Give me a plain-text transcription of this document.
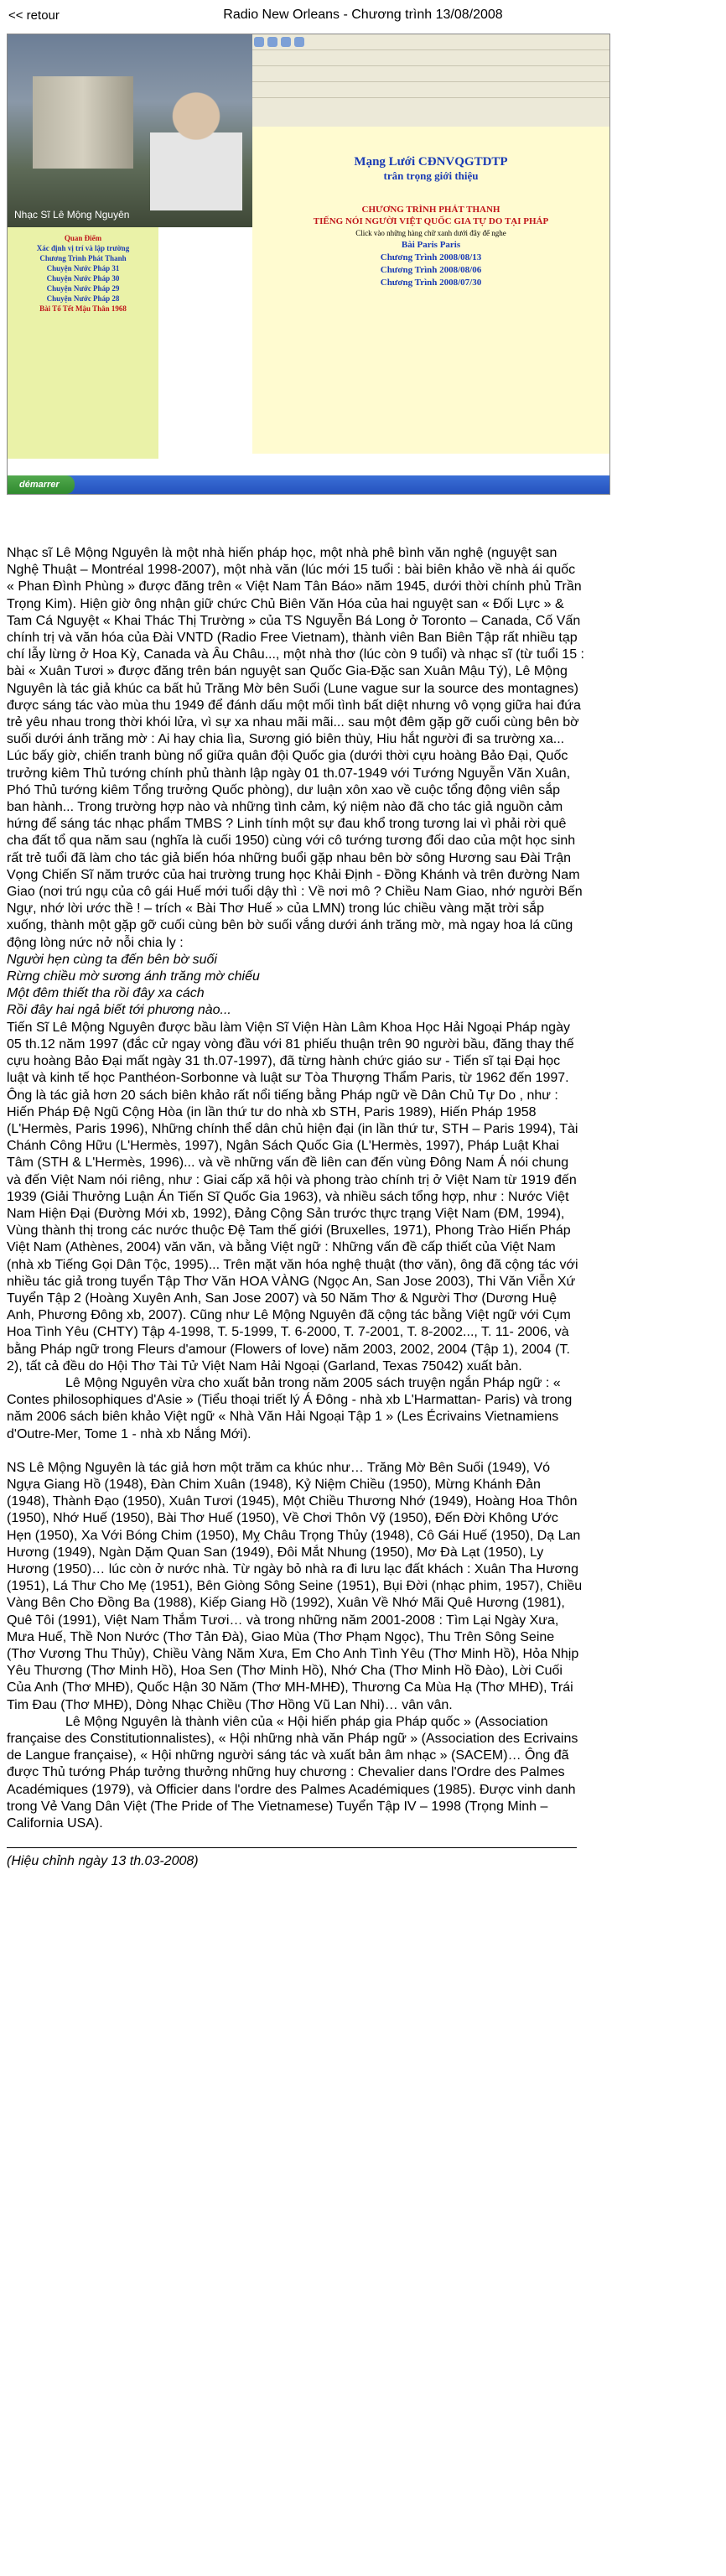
<< retour	Radio New Orleans - Chương trình 13/08/2008
Nhạc Sĩ Lê Mộng Nguyên
Quan Điểm
Xác định vị trí và lập trường
Chương Trình Phát Thanh
Chuyện Nước Pháp 31
Chuyện Nước Pháp 30
Chuyện Nước Pháp 29
Chuyện Nước Pháp 28
Bài Tổ Tết Mậu Thân 1968
Mạng Lưới CĐNVQGTDTP
trân trọng giới thiệu
CHƯƠNG TRÌNH PHÁT THANH
TIẾNG NÓI NGƯỜI VIỆT QUỐC GIA TỰ DO TẠI PHÁP

Click vào những hàng chữ xanh dưới đây để nghe

Bài Paris Paris

Chương Trình 2008/08/13

Chương Trình 2008/08/06

Chương Trình 2008/07/30

démarrer

Nhạc sĩ Lê Mộng Nguyên là một nhà hiến pháp học, một nhà phê bình văn nghệ (nguyệt san Nghệ Thuật – Montréal 1998-2007), một nhà văn (lúc mới 15 tuổi : bài biên khảo về nhà ái quốc « Phan Đình Phùng » được đăng trên « Việt Nam Tân Báo» năm 1945, dưới thời chính phủ Trần Trọng Kim). Hiện giờ ông nhận giữ chức Chủ Biên Văn Hóa của hai nguyệt san « Đối Lực » & Tam Cá Nguyệt « Khai Thác Thị Trường » của TS Nguyễn Bá Long ở Toronto – Canada, Cố Vấn chính trị và văn hóa của Đài VNTD (Radio Free Vietnam), thành viên Ban Biên Tập rất nhiều tạp chí lẫy lừng ở Hoa Kỳ, Canada và Âu Châu..., một nhà thơ (lúc còn 9 tuổi) và nhạc sĩ (từ tuổi 15 : bài « Xuân Tươi » được đăng trên bán nguyệt san Quốc Gia-Đặc san Xuân Mậu Tý), Lê Mộng Nguyên là tác giả khúc ca bất hủ Trăng Mờ bên Suối (Lune vague sur la source des montagnes) được sáng tác vào mùa thu 1949 để đánh dấu một mối tình bất diệt nhưng vô vọng giữa hai đứa trẻ yêu nhau trong thời khói lửa, vì sự xa nhau mãi mãi... sau một đêm gặp gỡ cuối cùng bên bờ suối dưới ánh trăng mờ : Ai hay chia lìa, Sương gió biên thùy, Hiu hắt người đi sa trường xa... Lúc bấy giờ, chiến tranh bùng nổ giữa quân đội Quốc gia (dưới thời cựu hoàng Bảo Đại, Quốc trưởng kiêm Thủ tướng chính phủ thành lập ngày 01 th.07-1949 với Tướng Nguyễn Văn Xuân, Phó Thủ tướng kiêm Tổng trưởng Quốc phòng), dư luận xôn xao về cuộc tổng động viên sắp ban hành... Trong trường hợp nào và những tình cảm, ký niệm nào đã cho tác giả nguồn cảm hứng để sáng tác nhạc phẩm TMBS ? Linh tính một sự đau khổ trong tương lai vì phải rời quê cha đất tổ qua năm sau (nghĩa là cuối 1950) cùng với cô tướng tương đối dao của một học sinh rất trẻ tuổi đã làm cho tác giả biến hóa những buổi gặp nhau bên bờ sông Hương sau Đài Trận Vọng Chiến Sĩ năm trước của hai trường trung học Khải Định - Đồng Khánh và trên đường Nam Giao (nơi trú ngụ của cô gái Huế mới tuổi dậy thì : Về nơi mô ? Chiều Nam Giao, nhớ người Bến Ngự, nhớ lời ước thề ! – trích « Bài Thơ Huế » của LMN) trong lúc chiều vàng mặt trời sắp xuống, thành một gặp gỡ cuối cùng bên bờ suối vắng dưới ánh trăng mờ, mà ngay hoa lá cũng động lòng nức nở nỗi chia ly :

Người hẹn cùng ta đến bên bờ suối

Rừng chiều mờ sương ánh trăng mờ chiếu

Một đêm thiết tha rồi đây xa cách

Rồi đây hai ngả biết tới phương nào...

Tiến Sĩ Lê Mộng Nguyên được bầu làm Viện Sĩ Viện Hàn Lâm Khoa Học Hải Ngoại Pháp ngày 05 th.12 năm 1997 (đắc cử ngay vòng đầu với 81 phiếu thuận trên 90 người bầu, đăng thay thế cựu hoàng Bảo Đại mất ngày 31 th.07-1997), đã từng hành chức giáo sư - Tiến sĩ tại Đại học luật và kinh tế học Panthéon-Sorbonne và luật sư Tòa Thượng Thẩm Paris, từ 1962 đến 1997. Ông là tác giả hơn 20 sách biên khảo rất nổi tiếng bằng Pháp ngữ về Dân Chủ Tự Do , như : Hiến Pháp Đệ Ngũ Cộng Hòa (in lần thứ tư do nhà xb STH, Paris 1989), Hiến Pháp 1958 (L'Hermès, Paris 1996), Những chính thể dân chủ hiện đại (in lần thứ tư, STH – Paris 1994), Tài Chánh Công Hữu (L'Hermès, 1997), Ngân Sách Quốc Gia (L'Hermès, 1997), Pháp Luật Khai Tâm (STH & L'Hermès, 1996)... và về những vấn đề liên can đến vùng Đông Nam Á nói chung và đến Việt Nam nói riêng, như : Giai cấp xã hội và phong trào chính trị ở Việt Nam từ 1919 đến 1939 (Giải Thưởng Luận Án Tiến Sĩ Quốc Gia 1963), và nhiều sách tổng hợp, như : Nước Việt Nam Hiện Đại (Đường Mới xb, 1992), Đảng Cộng Sản trước thực trạng Việt Nam (ĐM, 1994), Vùng thành thị trong các nước thuộc Đệ Tam thế giới (Bruxelles, 1971), Phong Trào Hiến Pháp Việt Nam (Athènes, 2004) văn văn, và bằng Việt ngữ : Những vấn đề cấp thiết của Việt Nam (nhà xb Tiếng Gọi Dân Tộc, 1995)... Trên mặt văn hóa nghệ thuật (thơ văn), ông đã cộng tác với nhiều tác giả trong tuyển Tập Thơ Văn HOA VÀNG (Ngọc An, San Jose 2003), Thi Văn Viễn Xứ Tuyển Tập 2 (Hoàng Xuyên Anh, San Jose 2007) và 50 Năm Thơ & Người Thơ (Dương Huệ Anh, Phương Đông xb, 2007). Cũng như Lê Mộng Nguyên đã cộng tác bằng Việt ngữ với Cụm Hoa Tình Yêu (CHTY) Tập 4-1998, T. 5-1999, T. 6-2000, T. 7-2001, T. 8-2002..., T. 11- 2006, và bằng Pháp ngữ trong Fleurs d'amour (Flowers of love) năm 2003, 2002, 2004 (Tập 1), 2004 (T. 2), tất cả đều do Hội Thơ Tài Tử Việt Nam Hải Ngoại (Garland, Texas 75042) xuất bản.

Lê Mộng Nguyên vừa cho xuất bản trong năm 2005 sách truyện ngắn Pháp ngữ : « Contes philosophiques d'Asie » (Tiểu thoại triết lý Á Đông - nhà xb L'Harmattan- Paris) và trong năm 2006 sách biên khảo Việt ngữ « Nhà Văn Hải Ngoại Tập 1 » (Les Écrivains Vietnamiens d'Outre-Mer, Tome 1 - nhà xb Nắng Mới).

NS Lê Mộng Nguyên là tác giả hơn một trăm ca khúc như… Trăng Mờ Bên Suối (1949), Vó Ngựa Giang Hồ (1948), Đàn Chim Xuân (1948), Kỷ Niệm Chiều (1950), Mừng Khánh Đản (1948), Thành Đạo (1950), Xuân Tươi (1945), Một Chiều Thương Nhớ (1949), Hoàng Hoa Thôn (1950), Nhớ Huế (1950), Bài Thơ Huế (1950), Về Chơi Thôn Vỹ (1950), Đến Đời Không Ước Hẹn (1950), Xa Với Bóng Chim (1950), Mỵ Châu Trọng Thủy (1948), Cô Gái Huế (1950), Dạ Lan Hương (1949), Ngàn Dặm Quan San (1949), Đôi Mắt Nhung (1950), Mơ Đà Lạt (1950), Ly Hương (1950)… lúc còn ở nước nhà. Từ ngày bỏ nhà ra đi lưu lạc đất khách : Xuân Tha Hương (1951), Lá Thư Cho Mẹ (1951), Bên Giòng Sông Seine (1951), Bụi Đời (nhạc phim, 1957), Chiều Vàng Bên Cho Đồng Ba (1988), Kiếp Giang Hồ (1992), Xuân Về Nhớ Mãi Quê Hương (1981), Quê Tôi (1991), Việt Nam Thắm Tươi… và trong những năm 2001-2008 : Tìm Lại Ngày Xưa, Mưa Huế, Thề Non Nước (Thơ Tản Đà), Giao Mùa (Thơ Phạm Ngọc), Thu Trên Sông Seine (Thơ Vương Thu Thủy), Chiều Vàng Năm Xưa, Em Cho Anh Tình Yêu (Thơ Minh Hồ), Hỏa Nhịp Yêu Thương (Thơ Minh Hồ), Hoa Sen (Thơ Minh Hồ), Nhớ Cha (Thơ Minh Hồ Đào), Lời Cuối Của Anh (Thơ MHĐ), Quốc Hận 30 Năm (Thơ MH-MHĐ), Thương Ca Mùa Hạ (Thơ MHĐ), Trái Tim Đau (Thơ MHĐ), Dòng Nhạc Chiều (Thơ Hồng Vũ Lan Nhi)… vân vân.

Lê Mộng Nguyên là thành viên của « Hội hiến pháp gia Pháp quốc » (Association française des Constitutionnalistes), « Hội những nhà văn Pháp ngữ » (Association des Ecrivains de Langue française), « Hội những người sáng tác và xuất bản âm nhạc » (SACEM)… Ông đã được Thủ tướng Pháp tưởng thưởng những huy chương : Chevalier dans l'Ordre des Palmes Académiques (1979), và Officier dans l'ordre des Palmes Académiques (1985). Được vinh danh trong Vẻ Vang Dân Việt (The Pride of The Vietnamese) Tuyển Tập IV – 1998 (Trọng Minh – California USA).

(Hiệu chỉnh ngày 13 th.03-2008)
